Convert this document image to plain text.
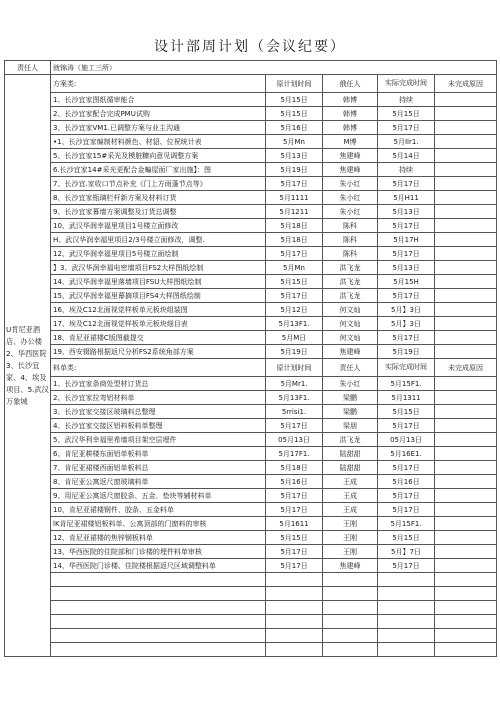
设计部周计划（会议纪要）
责任人	就锦涛（施工三所）				
U肯尼亚酒店、办公楼2、华西医院3、长沙宜家、4、埃及项目、5.武汉万象城	方案类:	原计划时间	俄任人	实际完成时间	未完成原因
	1、长沙宜家图纸循审能合	5月15日	韩博	持续	
	2、长沙宜家配合完成PMU试购	5月15日	韩博	5月15日	
	3、长沙宜家VM1.已调整方案与业主沟通	5月16日	韩博	5月17日	
	•1、长沙宜家编制材料颜色、材貂、位祝统计表	5月Mn	M博	5月Ilr1.	
	5、长沙宜家15#采光及模脏糠向意见调整方案	5月13日	焦建峰	5月14日	
	6.长沙宜家14#采光更配合金蝙屋面厂家出施】：图	5月19日	焦建峰	持续	
	7、长沙宜.家收口节点补充《门上方雨蓬节点等》	5月17日	朱小红	5月17日	
	8、长沙宜家瓶璃栏杆新方案及材料订货	5月1111	朱小红	5月H11	
	9、长沙宜家幕墙方案调整及订货总调整	5月1211	朱小红	5月13日	
	10、武汉华润幸福里项目1号楼立面修改	5月18日	陈科	5月17日	
	H、武汉华润幸福里项目2/3号楼立面修改，调整.	5月18日	陈科	5月17H	
	12、武汉华润幸福里项目5号楼立面绘制	5月17日	陈科	5月17日	
	】3、武汉华润幸福电密墙项目FS2大样图纸绘制	5月Mn	洪飞龙	5月13日	
	14、武汉华润幸福里落墙项目FSU大样图纸绘制	5月15日	洪飞龙	5月15H	
	15、武汉华润幸福里幕摘项目FS4大样图纸绘制	5月17日	洪飞龙	5月17日	
	16、埃及C12北面视觉样板单元板块组装图	5月12日	何文灿	5月】3日	
	17、埃及C12北面视觉样板单元板块细目表	5月13F1.	何文灿	5月】3日	
	18、肯尼亚裙楼C版图截提交	5月M日	何文灿	5月17日	
	19、西安辍路根据返尺分析FS2系统角部方案	5月19日	焦建峰	5月19日	
	料单类:	原计划时间	责任人	实际完成时间	未完成原因
	1、长沙宜家条商处型材订货总	5月Mr1.	朱小红	5月15F1.	
	2、长沙宜家拉弯铝材料单	5月13F1.	梁鹏	5月1311	
	3、长沙宜家交接区玻璃料总整理	5rrisi1.	梁鹏	5月15日	
	4、长沙宜家交接区铝料板料单整理	5月17日	梁朋	5月17日	
	5、武汉华利幸福里希墙项目架空层埋件	05月13日	洪飞龙	05月13日	
	6、肯尼亚耕楼东面铝单板料单	5月17F1.	陆甜甜	5月16E1.	
	7、肯尼亚裙楼西面铝单板料总	5月18日	陆甜甜	5月17日	
	8、肯尼亚公寓返尺窗玻璃料单	5月16日	王成	5月16日	
	9、用尼亚公寓返尺窗胶条、五金、垫块等辅材料单	5月17日	王成	5月17日	
	10、肯尼亚裙楼钢件、胶条、五金料单	5月17日	王成	5月17日	
	lK肯尼亚裙楼铝板料单、公寓顶部的门窗料的审核	5月1611	王刚	5月15F1.	
	12、肯尼亚裙楼的焦锌钢板料单	5月15日	王刚	5月15日	
	13、华西医院的住院部和门诊楼的埋件料单审核	5月17日	王刚	5月】7日	
	14、华西医院门诊楼、住院楼根据返尺区域调整料单	5月17日	焦建峰	5月17日	
